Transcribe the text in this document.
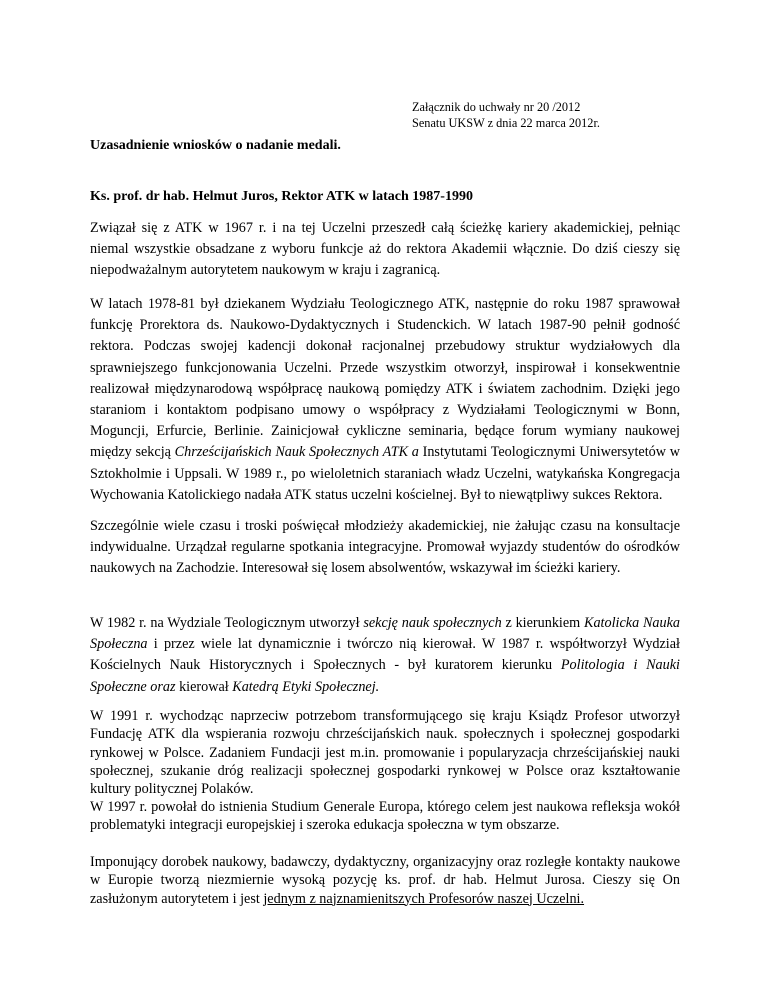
Załącznik do uchwały nr 20 /2012
Senatu UKSW z dnia 22 marca 2012r.
Uzasadnienie wniosków o nadanie medali.
Ks. prof. dr hab. Helmut Juros, Rektor ATK w latach 1987-1990

Związał się z ATK w 1967 r. i na tej Uczelni przeszedł całą ścieżkę kariery akademickiej, pełniąc niemal wszystkie obsadzane z wyboru funkcje aż do rektora Akademii włącznie. Do dziś cieszy się niepodważalnym autorytetem naukowym w kraju i zagranicą.

W latach 1978-81 był dziekanem Wydziału Teologicznego ATK, następnie do roku 1987 sprawował funkcję Prorektora ds. Naukowo-Dydaktycznych i Studenckich. W latach 1987-90 pełnił godność rektora. Podczas swojej kadencji dokonał racjonalnej przebudowy struktur wydziałowych dla sprawniejszego funkcjonowania Uczelni. Przede wszystkim otworzył, inspirował i konsekwentnie realizował międzynarodową współpracę naukową pomiędzy ATK i światem zachodnim. Dzięki jego staraniom i kontaktom podpisano umowy o współpracy z Wydziałami Teologicznymi w Bonn, Moguncji, Erfurcie, Berlinie. Zainicjował cykliczne seminaria, będące forum wymiany naukowej między sekcją Chrześcijańskich Nauk Społecznych ATK a Instytutami Teologicznymi Uniwersytetów w Sztokholmie i Uppsali. W 1989 r., po wieloletnich staraniach władz Uczelni, watykańska Kongregacja Wychowania Katolickiego nadała ATK status uczelni kościelnej. Był to niewątpliwy sukces Rektora.

Szczególnie wiele czasu i troski poświęcał młodzieży akademickiej, nie żałując czasu na konsultacje indywidualne. Urządzał regularne spotkania integracyjne. Promował wyjazdy studentów do ośrodków naukowych na Zachodzie. Interesował się losem absolwentów, wskazywał im ścieżki kariery.

W 1982 r. na Wydziale Teologicznym utworzył sekcję nauk społecznych z kierunkiem Katolicka Nauka Społeczna i przez wiele lat dynamicznie i twórczo nią kierował. W 1987 r. współtworzył Wydział Kościelnych Nauk Historycznych i Społecznych - był kuratorem kierunku Politologia i Nauki Społeczne oraz kierował Katedrą Etyki Społecznej.

W 1991 r. wychodząc naprzeciw potrzebom transformującego się kraju Ksiądz Profesor utworzył Fundację ATK dla wspierania rozwoju chrześcijańskich nauk. społecznych i społecznej gospodarki rynkowej w Polsce. Zadaniem Fundacji jest m.in. promowanie i popularyzacja chrześcijańskiej nauki społecznej, szukanie dróg realizacji społecznej gospodarki rynkowej w Polsce oraz kształtowanie kultury politycznej Polaków.

W 1997 r. powołał do istnienia Studium Generale Europa, którego celem jest naukowa refleksja wokół problematyki integracji europejskiej i szeroka edukacja społeczna w tym obszarze.

Imponujący dorobek naukowy, badawczy, dydaktyczny, organizacyjny oraz rozległe kontakty naukowe w Europie tworzą niezmiernie wysoką pozycję ks. prof. dr hab. Helmut Jurosa. Cieszy się On zasłużonym autorytetem i jest jednym z najznamienitszych Profesorów naszej Uczelni.
